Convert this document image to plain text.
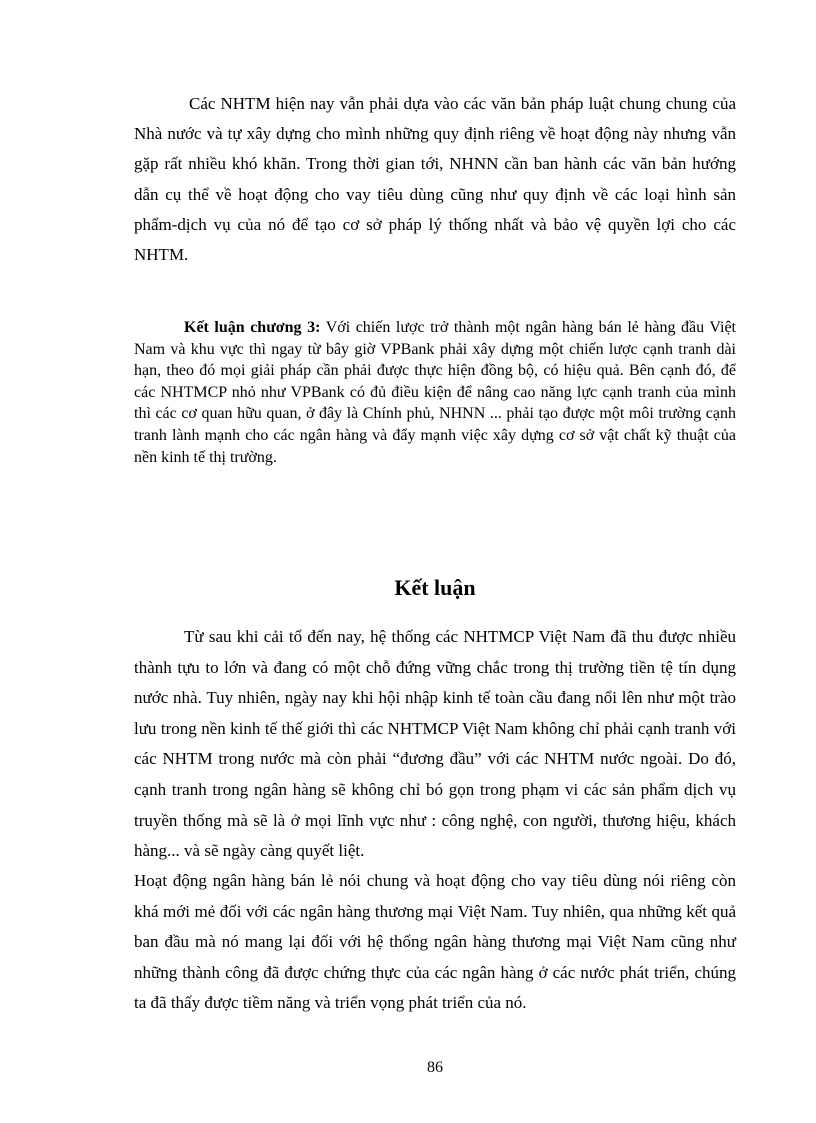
Các NHTM hiện nay vẫn phải dựa vào các văn bản pháp luật chung chung của Nhà nước và tự xây dựng cho mình những quy định riêng về hoạt động này nhưng vẫn gặp rất nhiều khó khăn. Trong thời gian tới, NHNN cần ban hành các văn bản hướng dẫn cụ thể về hoạt động cho vay tiêu dùng cũng như quy định về các loại hình sản phẩm-dịch vụ của nó để tạo cơ sở pháp lý thống nhất và bảo vệ quyền lợi cho các NHTM.
Kết luận chương 3: Với chiến lược trở thành một ngân hàng bán lẻ hàng đầu Việt Nam và khu vực thì ngay từ bây giờ VPBank phải xây dựng một chiến lược cạnh tranh dài hạn, theo đó mọi giải pháp cần phải được thực hiện đồng bộ, có hiệu quả. Bên cạnh đó, để các NHTMCP nhỏ như VPBank có đủ điều kiện để nâng cao năng lực cạnh tranh của mình thì các cơ quan hữu quan, ở đây là Chính phủ, NHNN ... phải tạo được một môi trường cạnh tranh lành mạnh cho các ngân hàng và đẩy mạnh việc xây dựng cơ sở vật chất kỹ thuật của nền kinh tế thị trường.
Kết luận
Từ sau khi cải tổ đến nay, hệ thống các NHTMCP Việt Nam đã thu được nhiều thành tựu to lớn và đang có một chỗ đứng vững chắc trong thị trường tiền tệ tín dụng nước nhà. Tuy nhiên, ngày nay khi hội nhập kinh tế toàn cầu đang nổi lên như một trào lưu trong nền kinh tế thế giới thì các NHTMCP Việt Nam không chỉ phải cạnh tranh với các NHTM trong nước mà còn phải “đương đầu” với các NHTM nước ngoài. Do đó, cạnh tranh trong ngân hàng sẽ không chỉ bó gọn trong phạm vi các sản phẩm dịch vụ truyền thống mà sẽ là ở mọi lĩnh vực như : công nghệ, con người, thương hiệu, khách hàng... và sẽ ngày càng quyết liệt.
Hoạt động ngân hàng bán lẻ nói chung và hoạt động cho vay tiêu dùng nói riêng còn khá mới mẻ đối với các ngân hàng thương mại Việt Nam. Tuy nhiên, qua những kết quả ban đầu mà nó mang lại đối với hệ thống ngân hàng thương mại Việt Nam cũng như những thành công đã được chứng thực của các ngân hàng ở các nước phát triển, chúng ta đã thấy được tiềm năng và triển vọng phát triển của nó.
86
